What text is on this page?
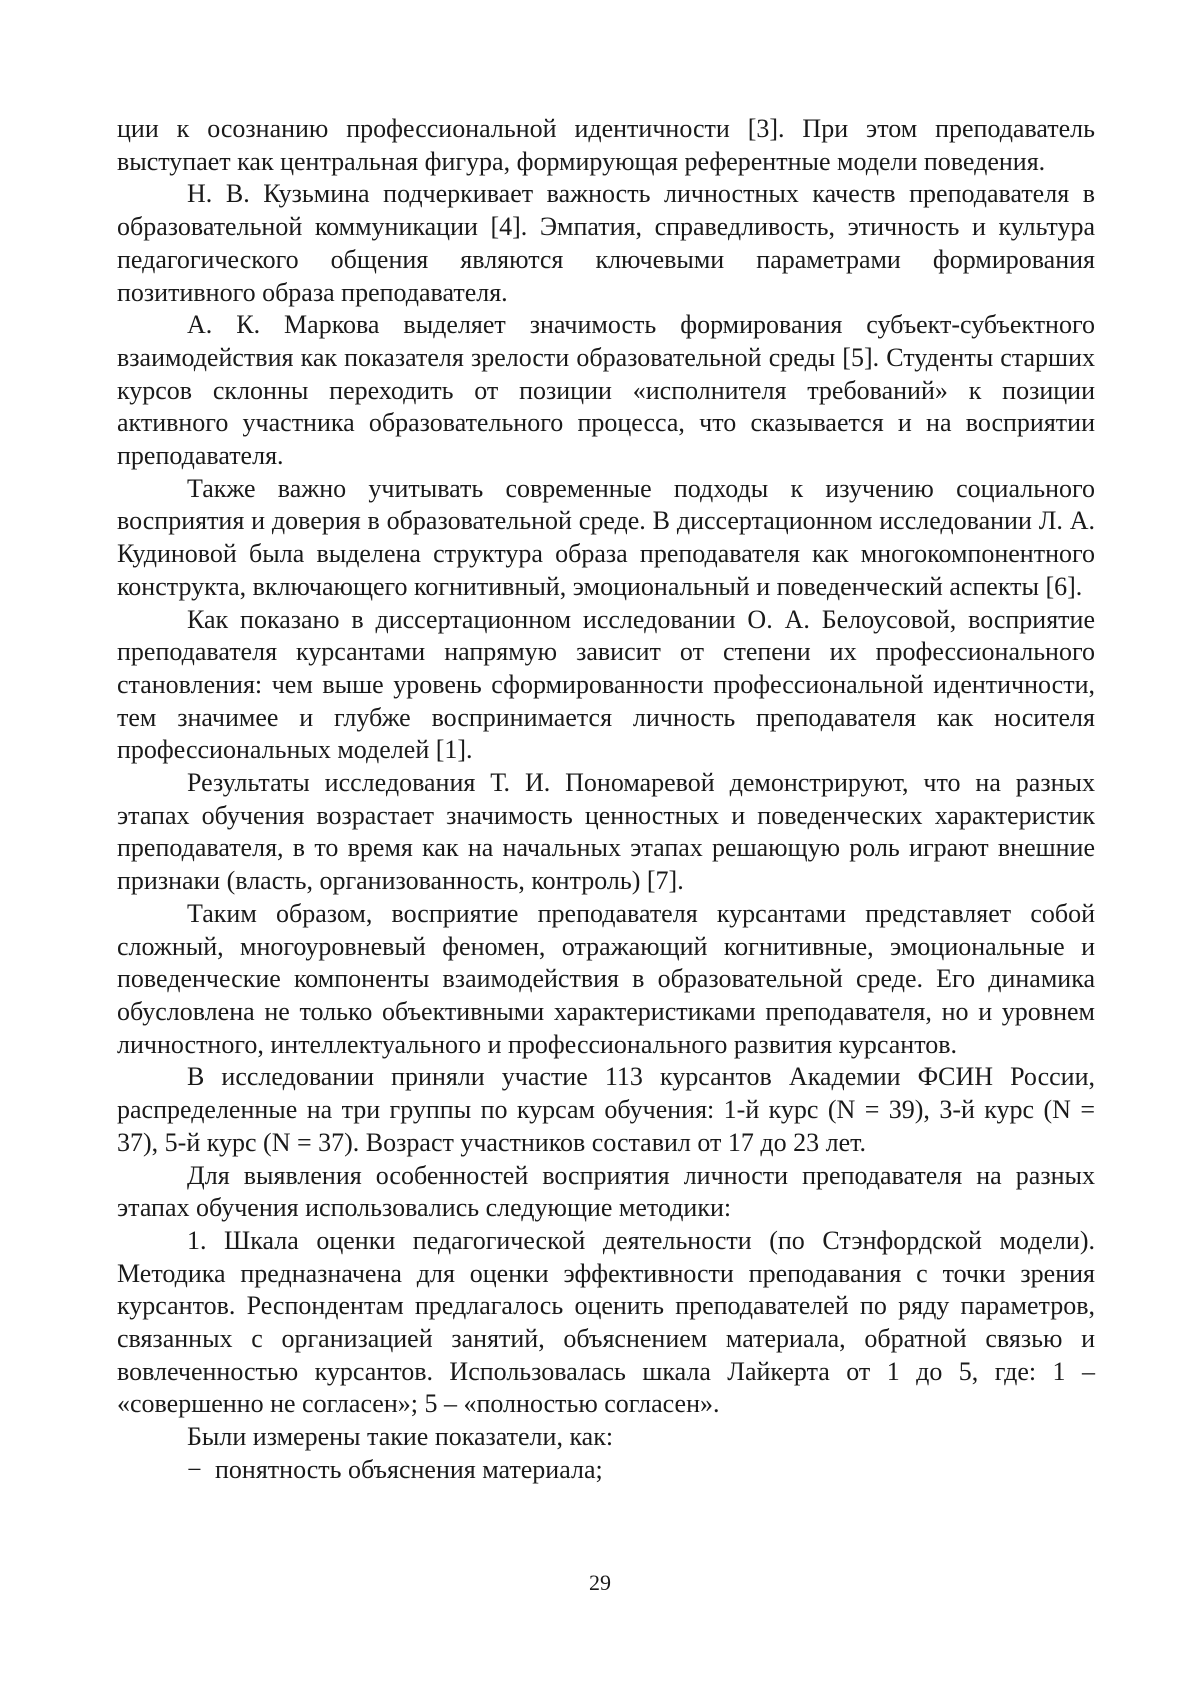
ции к осознанию профессиональной идентичности [3]. При этом преподаватель выступает как центральная фигура, формирующая референтные модели поведения.

Н. В. Кузьмина подчеркивает важность личностных качеств преподавателя в образовательной коммуникации [4]. Эмпатия, справедливость, этичность и культура педагогического общения являются ключевыми параметрами формирования позитивного образа преподавателя.

А. К. Маркова выделяет значимость формирования субъект-субъектного взаимодействия как показателя зрелости образовательной среды [5]. Студенты старших курсов склонны переходить от позиции «исполнителя требований» к позиции активного участника образовательного процесса, что сказывается и на восприятии преподавателя.

Также важно учитывать современные подходы к изучению социального восприятия и доверия в образовательной среде. В диссертационном исследовании Л. А. Кудиновой была выделена структура образа преподавателя как многокомпонентного конструкта, включающего когнитивный, эмоциональный и поведенческий аспекты [6].

Как показано в диссертационном исследовании О. А. Белоусовой, восприятие преподавателя курсантами напрямую зависит от степени их профессионального становления: чем выше уровень сформированности профессиональной идентичности, тем значимее и глубже воспринимается личность преподавателя как носителя профессиональных моделей [1].

Результаты исследования Т. И. Пономаревой демонстрируют, что на разных этапах обучения возрастает значимость ценностных и поведенческих характеристик преподавателя, в то время как на начальных этапах решающую роль играют внешние признаки (власть, организованность, контроль) [7].

Таким образом, восприятие преподавателя курсантами представляет собой сложный, многоуровневый феномен, отражающий когнитивные, эмоциональные и поведенческие компоненты взаимодействия в образовательной среде. Его динамика обусловлена не только объективными характеристиками преподавателя, но и уровнем личностного, интеллектуального и профессионального развития курсантов.

В исследовании приняли участие 113 курсантов Академии ФСИН России, распределенные на три группы по курсам обучения: 1-й курс (N = 39), 3-й курс (N = 37), 5-й курс (N = 37). Возраст участников составил от 17 до 23 лет.

Для выявления особенностей восприятия личности преподавателя на разных этапах обучения использовались следующие методики:

1. Шкала оценки педагогической деятельности (по Стэнфордской модели). Методика предназначена для оценки эффективности преподавания с точки зрения курсантов. Респондентам предлагалось оценить преподавателей по ряду параметров, связанных с организацией занятий, объяснением материала, обратной связью и вовлеченностью курсантов. Использовалась шкала Лайкерта от 1 до 5, где: 1 – «совершенно не согласен»; 5 – «полностью согласен».

Были измерены такие показатели, как:

− понятность объяснения материала;

29
